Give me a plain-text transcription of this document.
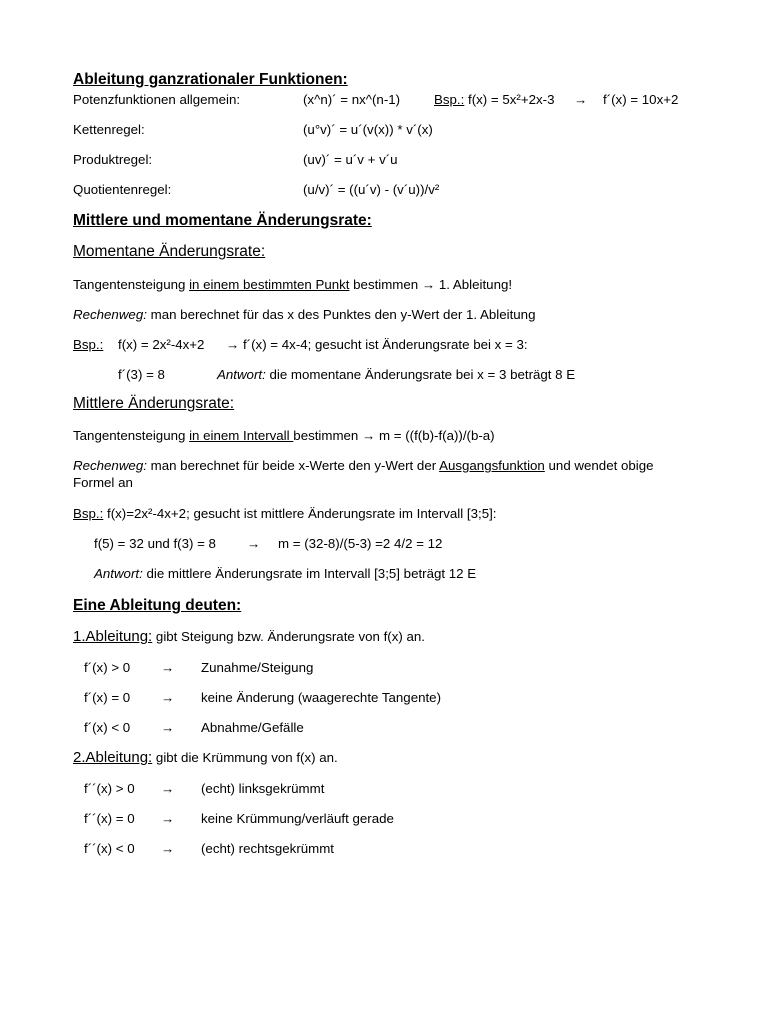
Ableitung ganzrationaler Funktionen:
Potenzfunktionen allgemein:	(x^n)´ = nx^(n-1)	Bsp.: f(x) = 5x²+2x-3 → f´(x) = 10x+2
Kettenregel:	(u°v)´ = u´(v(x)) * v´(x)
Produktregel:	(uv)´ = u´v + v´u
Quotientenregel:	(u/v)´ = ((u´v) - (v´u))/v²
Mittlere und momentane Änderungsrate:
Momentane Änderungsrate:
Tangentensteigung in einem bestimmten Punkt bestimmen → 1. Ableitung!
Rechenweg: man berechnet für das x des Punktes den y-Wert der 1. Ableitung
Bsp.: f(x) = 2x²-4x+2 → f´(x) = 4x-4; gesucht ist Änderungsrate bei x = 3:
f´(3) = 8	Antwort: die momentane Änderungsrate bei x = 3 beträgt 8 E
Mittlere Änderungsrate:
Tangentensteigung in einem Intervall bestimmen → m = ((f(b)-f(a))/(b-a)
Rechenweg: man berechnet für beide x-Werte den y-Wert der Ausgangsfunktion und wendet obige
Formel an
Bsp.: f(x)=2x²-4x+2; gesucht ist mittlere Änderungsrate im Intervall [3;5]:
f(5) = 32 und f(3) = 8 → m = (32-8)/(5-3) =2 4/2 = 12
Antwort: die mittlere Änderungsrate im Intervall [3;5] beträgt 12 E
Eine Ableitung deuten:
1.Ableitung: gibt Steigung bzw. Änderungsrate von f(x) an.
f´(x) > 0 → Zunahme/Steigung
f´(x) = 0 → keine Änderung (waagerechte Tangente)
f´(x) < 0 → Abnahme/Gefälle
2.Ableitung: gibt die Krümmung von f(x) an.
f´´(x) > 0 → (echt) linksgekrümmt
f´´(x) = 0 → keine Krümmung/verläuft gerade
f´´(x) < 0 → (echt) rechtsgekrümmt
